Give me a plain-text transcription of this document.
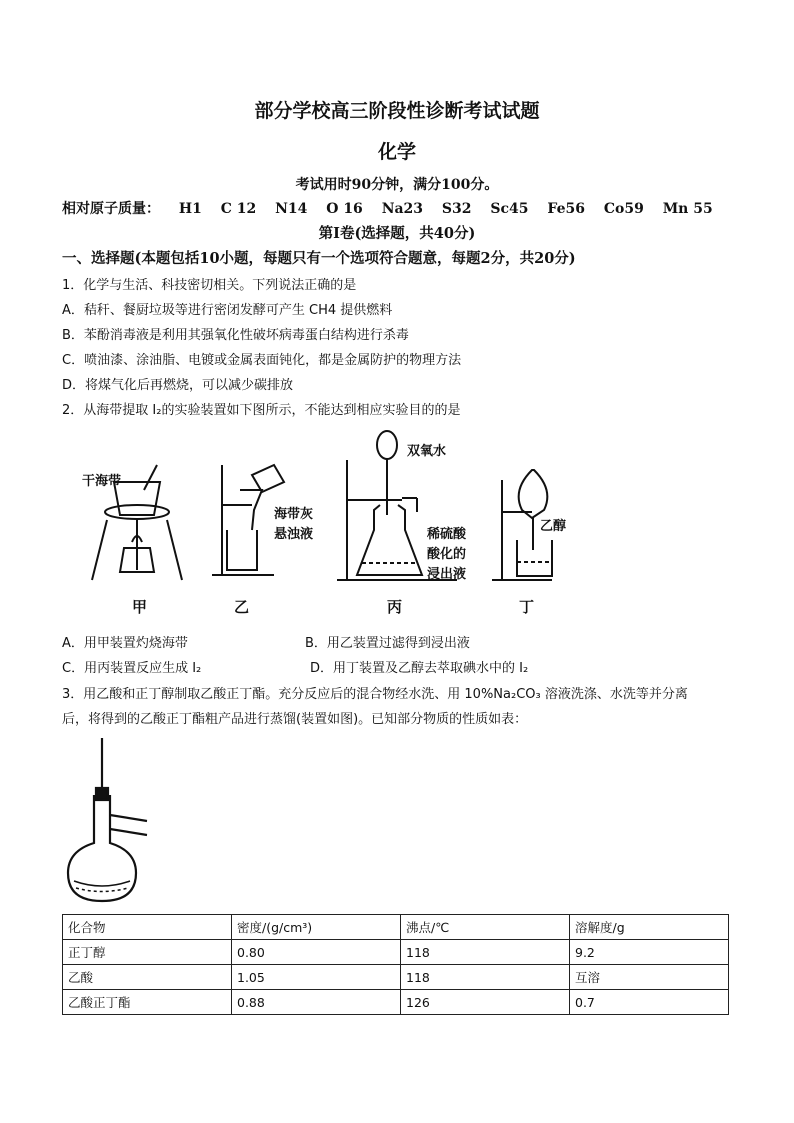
部分学校高三阶段性诊断考试试题
化学
考试用时90分钟，满分100分。
相对原子质量： H1 C 12 N14 O 16 Na23 S32 Sc45 Fe56 Co59 Mn 55
第Ⅰ卷(选择题，共40分)
一、选择题(本题包括10小题，每题只有一个选项符合题意，每题2分，共20分)
1．化学与生活、科技密切相关。下列说法正确的是
A．秸秆、餐厨垃圾等进行密闭发酵可产生 CH4 提供燃料
B．苯酚消毒液是利用其强氧化性破坏病毒蛋白结构进行杀毒
C．喷油漆、涂油脂、电镀或金属表面钝化，都是金属防护的物理方法
D．将煤气化后再燃烧，可以减少碳排放
2．从海带提取 I₂的实验装置如下图所示，不能达到相应实验目的的是
干海带
双氧水
海带灰
悬浊液	稀硫酸
酸化的
浸出液
乙醇
甲	乙	丙	丁
A．用甲装置灼烧海带	B．用乙装置过滤得到浸出液
C．用丙装置反应生成 I₂	D．用丁装置及乙醇去萃取碘水中的 I₂
3．用乙酸和正丁醇制取乙酸正丁酯。充分反应后的混合物经水洗、用 10%Na₂CO₃ 溶液洗涤、水洗等并分离
后，将得到的乙酸正丁酯粗产品进行蒸馏(装置如图)。已知部分物质的性质如表：
化合物	密度/(g/cm³)	沸点/℃	溶解度/g
正丁醇	0.80	118	9.2
乙酸	1.05	118	互溶
乙酸正丁酯	0.88	126	0.7
